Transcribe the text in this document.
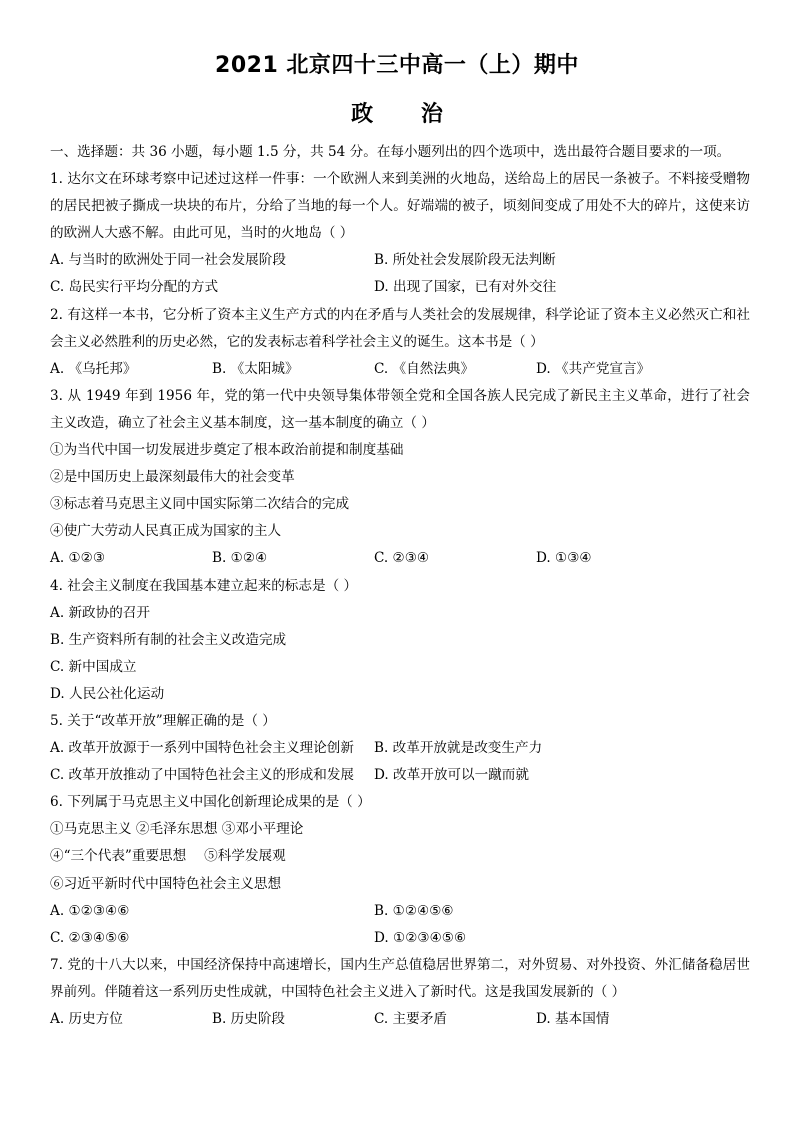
2021 北京四十三中高一（上）期中
政 治
一、选择题：共 36 小题，每小题 1.5 分，共 54 分。在每小题列出的四个选项中，选出最符合题目要求的一项。
1. 达尔文在环球考察中记述过这样一件事：一个欧洲人来到美洲的火地岛，送给岛上的居民一条被子。不料接受赠物的居民把被子撕成一块块的布片，分给了当地的每一个人。好端端的被子，顷刻间变成了用处不大的碎片，这使来访的欧洲人大惑不解。由此可见，当时的火地岛（ ）
A. 与当时的欧洲处于同一社会发展阶段	B. 所处社会发展阶段无法判断
C. 岛民实行平均分配的方式	D. 出现了国家，已有对外交往
2. 有这样一本书，它分析了资本主义生产方式的内在矛盾与人类社会的发展规律，科学论证了资本主义必然灭亡和社会主义必然胜利的历史必然，它的发表标志着科学社会主义的诞生。这本书是（ ）
A. 《乌托邦》	B. 《太阳城》	C. 《自然法典》	D. 《共产党宣言》
3. 从 1949 年到 1956 年，党的第一代中央领导集体带领全党和全国各族人民完成了新民主主义革命，进行了社会主义改造，确立了社会主义基本制度，这一基本制度的确立（ ）
①为当代中国一切发展进步奠定了根本政治前提和制度基础
②是中国历史上最深刻最伟大的社会变革
③标志着马克思主义同中国实际第二次结合的完成
④使广大劳动人民真正成为国家的主人
A. ①②③	B. ①②④	C. ②③④	D. ①③④
4. 社会主义制度在我国基本建立起来的标志是（ ）
A. 新政协的召开
B. 生产资料所有制的社会主义改造完成
C. 新中国成立
D. 人民公社化运动
5. 关于“改革开放”理解正确的是（ ）
A. 改革开放源于一系列中国特色社会主义理论创新	B. 改革开放就是改变生产力
C. 改革开放推动了中国特色社会主义的形成和发展	D. 改革开放可以一蹴而就
6. 下列属于马克思主义中国化创新理论成果的是（ ）
①马克思主义 ②毛泽东思想 ③邓小平理论
④“三个代表”重要思想　 ⑤科学发展观
⑥习近平新时代中国特色社会主义思想
A. ①②③④⑥	B. ①②④⑤⑥
C. ②③④⑤⑥	D. ①②③④⑤⑥
7. 党的十八大以来，中国经济保持中高速增长，国内生产总值稳居世界第二，对外贸易、对外投资、外汇储备稳居世界前列。伴随着这一系列历史性成就，中国特色社会主义进入了新时代。这是我国发展新的（ ）
A. 历史方位	B. 历史阶段	C. 主要矛盾	D. 基本国情
